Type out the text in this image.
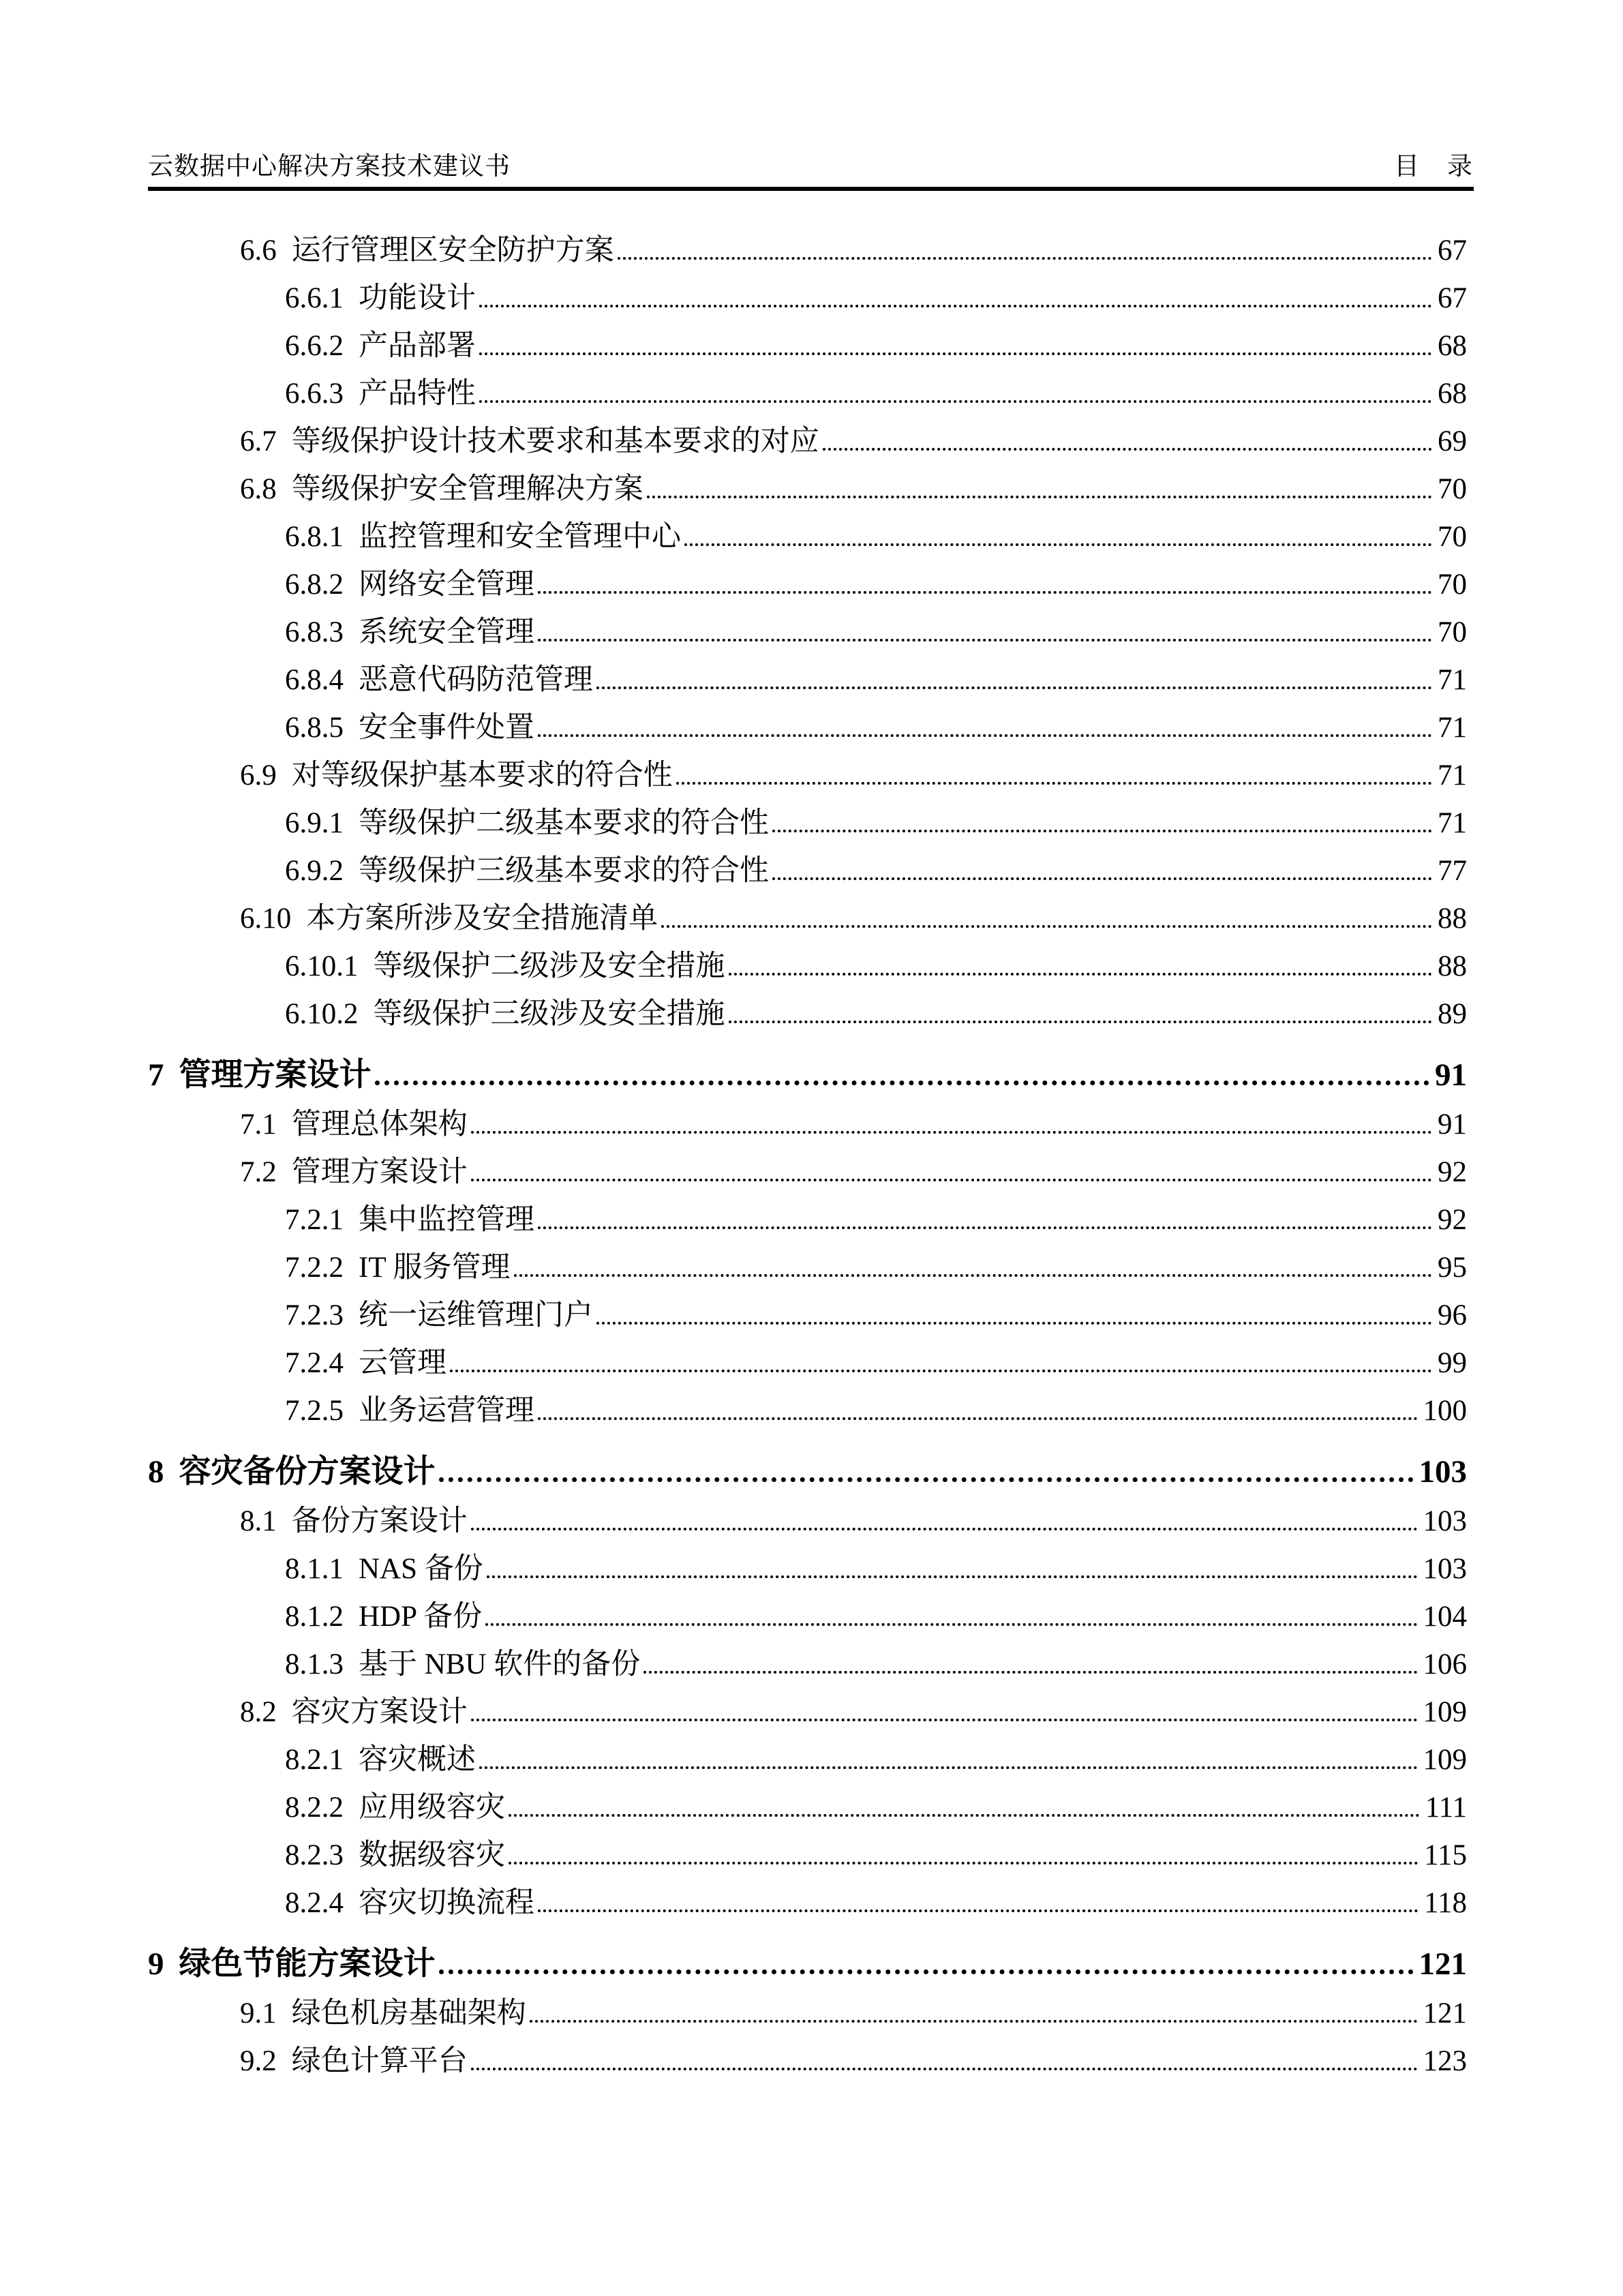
云数据中心解决方案技术建议书	目　录
6.6 运行管理区安全防护方案	67
6.6.1 功能设计	67
6.6.2 产品部署	68
6.6.3 产品特性	68
6.7 等级保护设计技术要求和基本要求的对应	69
6.8 等级保护安全管理解决方案	70
6.8.1 监控管理和安全管理中心	70
6.8.2 网络安全管理	70
6.8.3 系统安全管理	70
6.8.4 恶意代码防范管理	71
6.8.5 安全事件处置	71
6.9 对等级保护基本要求的符合性	71
6.9.1 等级保护二级基本要求的符合性	71
6.9.2 等级保护三级基本要求的符合性	77
6.10 本方案所涉及安全措施清单	88
6.10.1 等级保护二级涉及安全措施	88
6.10.2 等级保护三级涉及安全措施	89
7 管理方案设计	91
7.1 管理总体架构	91
7.2 管理方案设计	92
7.2.1 集中监控管理	92
7.2.2 IT 服务管理	95
7.2.3 统一运维管理门户	96
7.2.4 云管理	99
7.2.5 业务运营管理	100
8 容灾备份方案设计	103
8.1 备份方案设计	103
8.1.1 NAS 备份	103
8.1.2 HDP 备份	104
8.1.3 基于 NBU 软件的备份	106
8.2 容灾方案设计	109
8.2.1 容灾概述	109
8.2.2 应用级容灾	111
8.2.3 数据级容灾	115
8.2.4 容灾切换流程	118
9 绿色节能方案设计	121
9.1 绿色机房基础架构	121
9.2 绿色计算平台	123
